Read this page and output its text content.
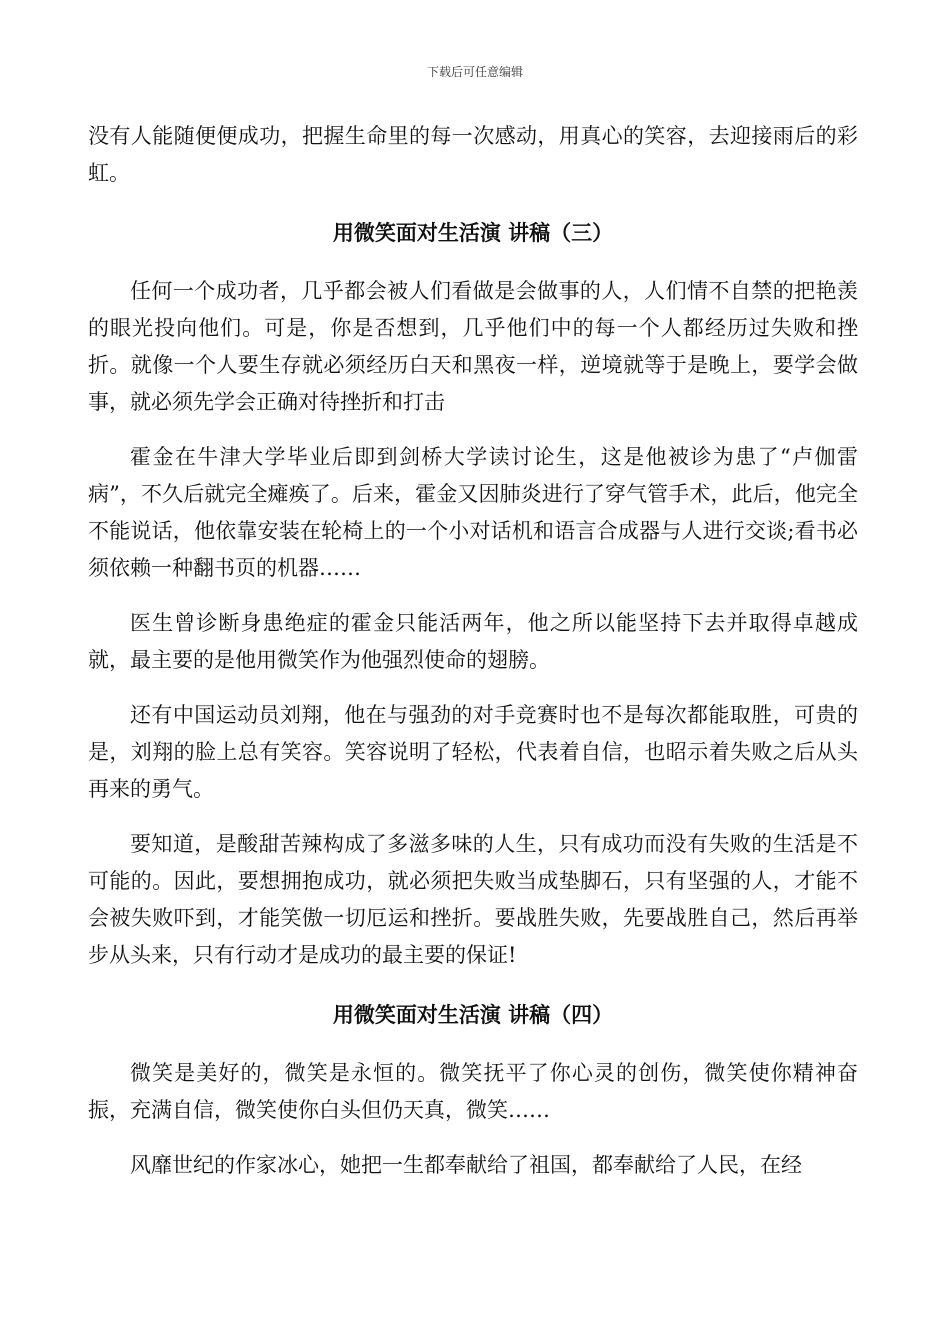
下载后可任意编辑

没有人能随便便成功，把握生命里的每一次感动，用真心的笑容，去迎接雨后的彩虹。

用微笑面对生活演 讲稿（三）

任何一个成功者，几乎都会被人们看做是会做事的人，人们情不自禁的把艳羡的眼光投向他们。可是，你是否想到，几乎他们中的每一个人都经历过失败和挫折。就像一个人要生存就必须经历白天和黑夜一样，逆境就等于是晚上，要学会做事，就必须先学会正确对待挫折和打击

霍金在牛津大学毕业后即到剑桥大学读讨论生，这是他被诊为患了“卢伽雷病”，不久后就完全瘫痪了。后来，霍金又因肺炎进行了穿气管手术，此后，他完全不能说话，他依靠安装在轮椅上的一个小对话机和语言合成器与人进行交谈;看书必须依赖一种翻书页的机器……

医生曾诊断身患绝症的霍金只能活两年，他之所以能坚持下去并取得卓越成就，最主要的是他用微笑作为他强烈使命的翅膀。

还有中国运动员刘翔，他在与强劲的对手竞赛时也不是每次都能取胜，可贵的是，刘翔的脸上总有笑容。笑容说明了轻松，代表着自信，也昭示着失败之后从头再来的勇气。

要知道，是酸甜苦辣构成了多滋多味的人生，只有成功而没有失败的生活是不可能的。因此，要想拥抱成功，就必须把失败当成垫脚石，只有坚强的人，才能不会被失败吓到，才能笑傲一切厄运和挫折。要战胜失败，先要战胜自己，然后再举步从头来，只有行动才是成功的最主要的保证!

用微笑面对生活演 讲稿（四）

微笑是美好的，微笑是永恒的。微笑抚平了你心灵的创伤，微笑使你精神奋振，充满自信，微笑使你白头但仍天真，微笑……

风靡世纪的作家冰心，她把一生都奉献给了祖国，都奉献给了人民，在经
